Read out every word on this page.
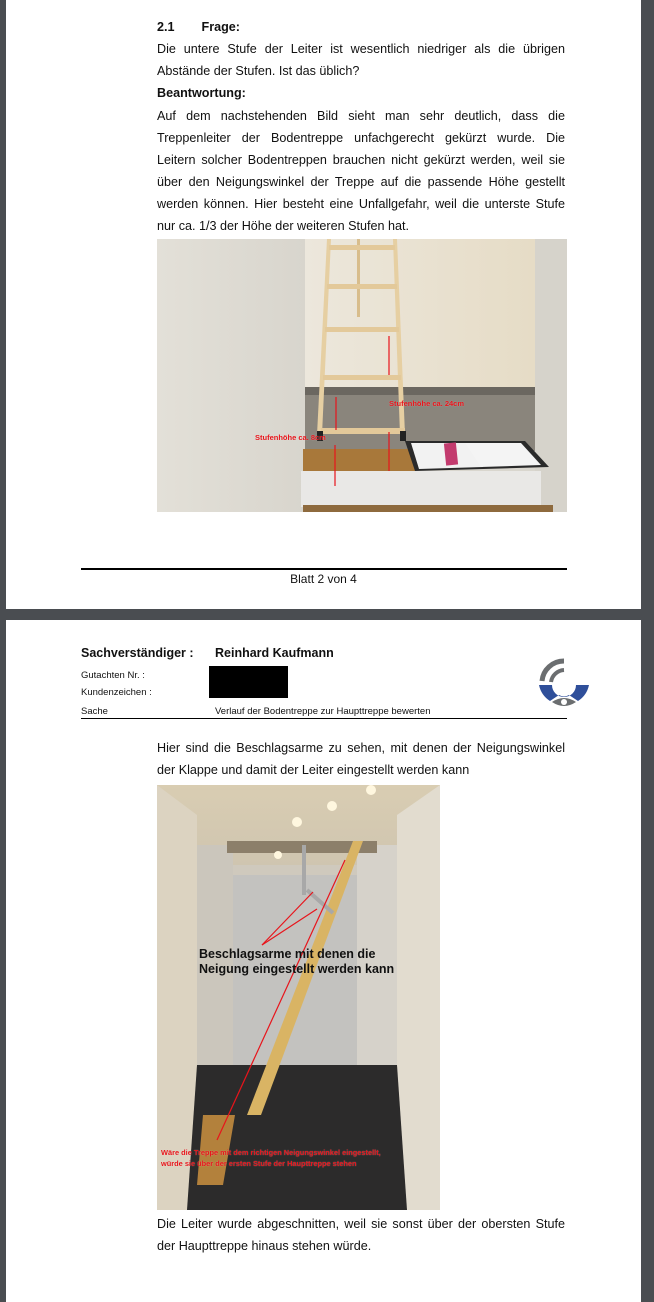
2.1 Frage:
Die untere Stufe der Leiter ist wesentlich niedriger als die übrigen
Abstände der Stufen. Ist das üblich?
Beantwortung:
Auf dem nachstehenden Bild sieht man sehr deutlich, dass die
Treppenleiter der Bodentreppe unfachgerecht gekürzt wurde. Die
Leitern solcher Bodentreppen brauchen nicht gekürzt werden, weil sie
über den Neigungswinkel der Treppe auf die passende Höhe gestellt
werden können. Hier besteht eine Unfallgefahr, weil die unterste Stufe
nur ca. 1/3 der Höhe der weiteren Stufen hat.
Stufenhöhe ca. 24cm
Stufenhöhe ca. 8cm
Blatt 2 von 4
Sachverständiger : Reinhard Kaufmann
Gutachten Nr. :
Kundenzeichen :
Sache	Verlauf der Bodentreppe zur Haupttreppe bewerten
Hier sind die Beschlagsarme zu sehen, mit denen der Neigungswinkel
der Klappe und damit der Leiter eingestellt werden kann
Beschlagsarme mit denen die
Neigung eingestellt werden kann
Wäre die Treppe mit dem richtigen Neigungswinkel eingestellt,
würde sie über der ersten Stufe der Haupttreppe stehen
Die Leiter wurde abgeschnitten, weil sie sonst über der obersten Stufe
der Haupttreppe hinaus stehen würde.
